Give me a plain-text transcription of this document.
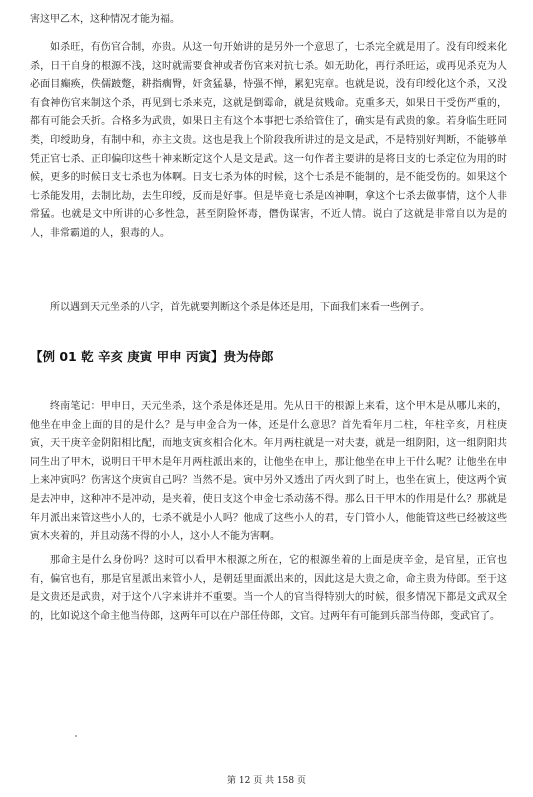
害这甲乙木，这种情况才能为福。

如杀旺，有伤官合制，亦贵。从这一句开始讲的是另外一个意思了，七杀完全就是用了。没有印绶来化杀，日干自身的根源不浅，这时就需要食神或者伤官来对抗七杀。如无助化，再行杀旺运，或再见杀克为人必面目癫痪，佚儒跛蹩，耕指瘸臀，奸贪猛暴，恃强不惮，累犯宪章。也就是说，没有印绶化这个杀，又没有食神伤官来制这个杀，再见到七杀来克，这就是倒霉命，就是贫贱命。克重多天，如果日干受伤严重的，都有可能会夭折。合格多为武贵，如果日主有这个本事把七杀给管住了，确实是有武贵的象。若身临生旺同类，印绶助身，有制中和，亦主文贵。这也是我上个阶段我所讲过的是文是武，不是特别好判断，不能够单凭正官七杀、正印偏印这些十神来断定这个人是文是武。这一句作者主要讲的是将日支的七杀定位为用的时候，更多的时候日支七杀也为体啊。日支七杀为体的时候，这个七杀是不能制的，是不能受伤的。如果这个七杀能发用，去制比劫，去生印绶，反而是好事。但是毕竟七杀是凶神啊，拿这个七杀去做事情，这个人非常猛。也就是文中所讲的心多性急，甚至阴险怀毒，僭伪谋害，不近人情。说白了这就是非常自以为是的人，非常霸道的人，狠毒的人。

所以遇到天元坐杀的八字，首先就要判断这个杀是体还是用，下面我们来看一些例子。

【例 01 乾 辛亥 庚寅 甲申 丙寅】贵为侍郎

终南笔记：甲申日，天元坐杀，这个杀是体还是用。先从日干的根源上来看，这个甲木是从哪儿来的，他坐在申金上面的目的是什么？是与申金合为一体，还是什么意思？首先看年月二柱，年柱辛亥，月柱庚寅，天干庚辛金阴阳相比配，而地支寅亥相合化木。年月两柱就是一对夫妻，就是一组阴阳，这一组阴阳共同生出了甲木，说明日干甲木是年月两柱派出来的，让他坐在申上，那让他坐在申上干什么呢？让他坐在申上来冲寅吗？伤害这个庚寅自己吗？当然不是。寅中另外又透出了丙火到了时上，也坐在寅上，使这两个寅是去冲申，这种冲不是冲动，是夹着，使日支这个申金七杀动荡不得。那么日干甲木的作用是什么？那就是年月派出来管这些小人的，七杀不就是小人吗？他成了这些小人的君，专门管小人，他能管这些已经被这些寅木夹着的，并且动荡不得的小人，这小人不能为害啊。

那命主是什么身份吗？这时可以看甲木根源之所在，它的根源坐着的上面是庚辛金，是官星，正官也有，偏官也有，那是官星派出来管小人，是朝廷里面派出来的，因此这是大贵之命，命主贵为侍郎。至于这是文贵还是武贵，对于这个八字来讲并不重要。当一个人的官当得特别大的时候，很多情况下都是文武双全的，比如说这个命主他当侍郎，这两年可以在户部任侍郎，文官。过两年有可能到兵部当侍郎，变武官了。

第 12 页 共 158 页
